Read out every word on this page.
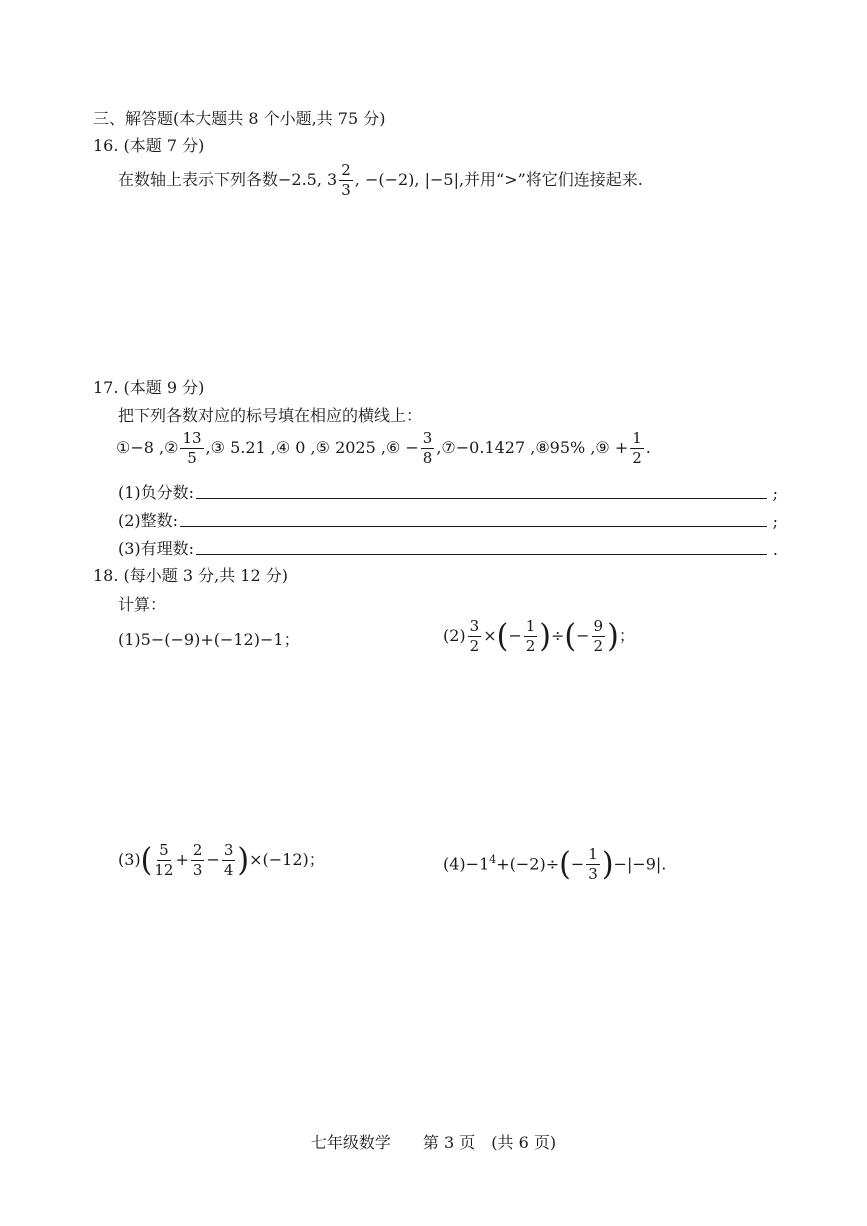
三、解答题(本大题共 8 个小题,共 75 分)
16. (本题 7 分)
在数轴上表示下列各数−2.5, $3 \frac{2}{3}$ , −(−2), |−5|,并用“>”将它们连接起来.
17. (本题 9 分)
把下列各数对应的标号填在相应的横线上：
①−8 ,② $\frac{13}{5}$ ,③ 5.21 ,④ 0 ,⑤ 2025 ,⑥ − $\frac{3}{8}$ ,⑦−0.1427 ,⑧95% ,⑨ + $\frac{1}{2}$ .
(1)负分数:	;
(2)整数:	;
(3)有理数:	.
18. (每小题 3 分,共 12 分)
计算：
(1)5−(−9)+(−12)−1；	$(2) \frac{3}{2}$ ×(− $\frac{1}{2}$ )÷(− $\frac{9}{2}$ )；
$(3)( \frac{5}{12} + \frac{2}{3} - \frac{3}{4} )\times(-12)$；	$(4)-1^4+(-2)\div(- \frac{1}{3} )-|-9|$.
七年级数学　　第 3 页　(共 6 页)
